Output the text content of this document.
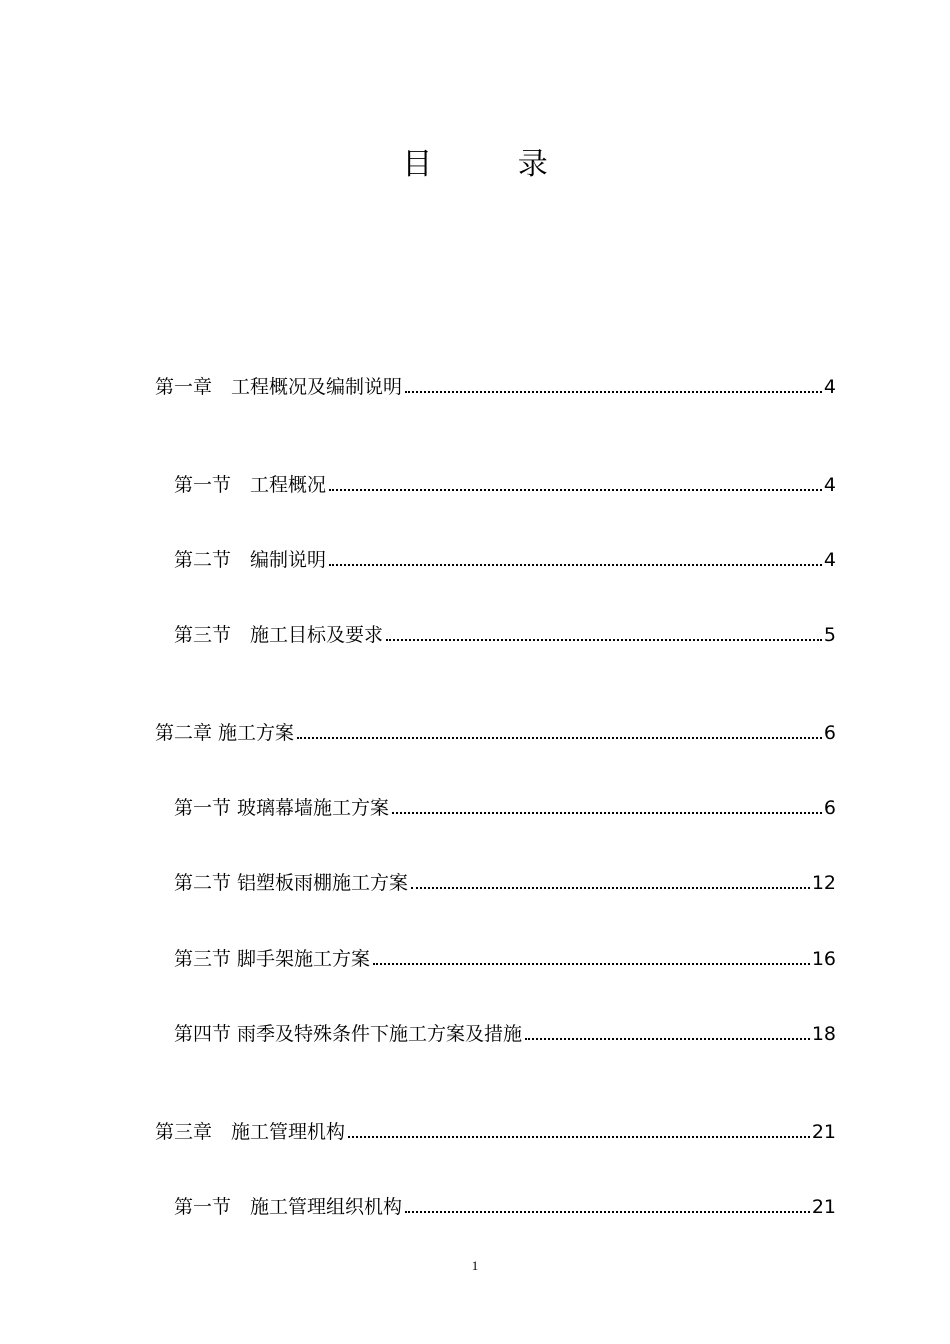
目 录
第一章　工程概况及编制说明	4
第一节　工程概况	4
第二节　编制说明	4
第三节　施工目标及要求	5
第二章 施工方案	6
第一节 玻璃幕墙施工方案	6
第二节 铝塑板雨棚施工方案	12
第三节 脚手架施工方案	16
第四节 雨季及特殊条件下施工方案及措施	18
第三章　施工管理机构	21
第一节　施工管理组织机构	21
1
